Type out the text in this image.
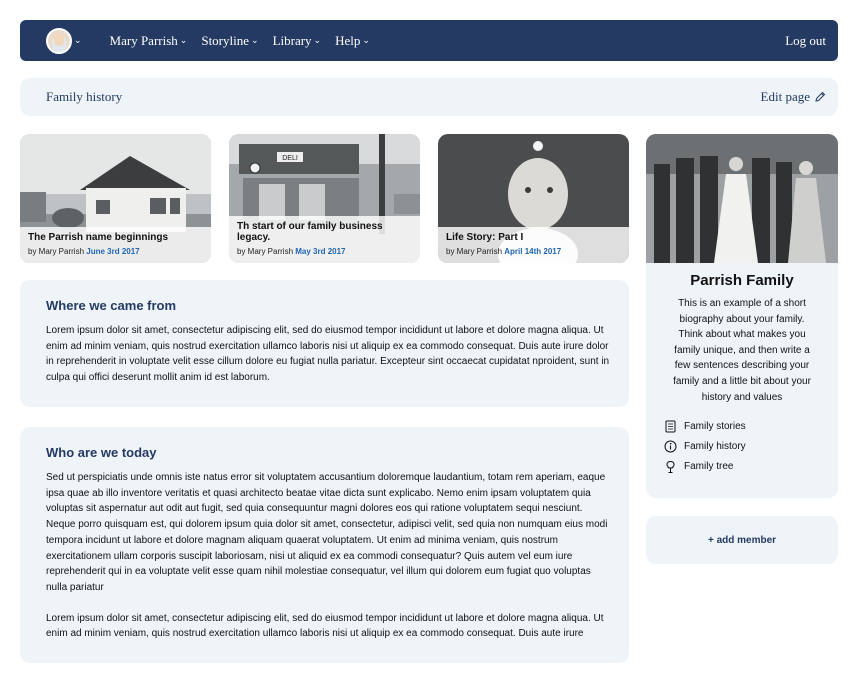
⌄ Mary Parrish ⌄ Storyline ⌄ Library ⌄ Help ⌄	Log out
Family history	Edit page
The Parrish name beginnings
by Mary Parrish June 3rd 2017
DELI
Th start of our family business legacy.
by Mary Parrish May 3rd 2017
Life Story: Part I
by Mary Parrish April 14th 2017
Where we came from

Lorem ipsum dolor sit amet, consectetur adipiscing elit, sed do eiusmod tempor incididunt ut labore et dolore magna aliqua. Ut enim ad minim veniam, quis nostrud exercitation ullamco laboris nisi ut aliquip ex ea commodo consequat. Duis aute irure dolor in reprehenderit in voluptate velit esse cillum dolore eu fugiat nulla pariatur. Excepteur sint occaecat cupidatat nproident, sunt in culpa qui offici deserunt mollit anim id est laborum.

Who are we today

Sed ut perspiciatis unde omnis iste natus error sit voluptatem accusantium doloremque laudantium, totam rem aperiam, eaque ipsa quae ab illo inventore veritatis et quasi architecto beatae vitae dicta sunt explicabo. Nemo enim ipsam voluptatem quia voluptas sit aspernatur aut odit aut fugit, sed quia consequuntur magni dolores eos qui ratione voluptatem sequi nesciunt. Neque porro quisquam est, qui dolorem ipsum quia dolor sit amet, consectetur, adipisci velit, sed quia non numquam eius modi tempora incidunt ut labore et dolore magnam aliquam quaerat voluptatem. Ut enim ad minima veniam, quis nostrum exercitationem ullam corporis suscipit laboriosam, nisi ut aliquid ex ea commodi consequatur? Quis autem vel eum iure reprehenderit qui in ea voluptate velit esse quam nihil molestiae consequatur, vel illum qui dolorem eum fugiat quo voluptas nulla pariatur

Lorem ipsum dolor sit amet, consectetur adipiscing elit, sed do eiusmod tempor incididunt ut labore et dolore magna aliqua. Ut enim ad minim veniam, quis nostrud exercitation ullamco laboris nisi ut aliquip ex ea commodo consequat. Duis aute irure

Parrish Family
This is an example of a short biography about your family. Think about what makes you family unique, and then write a few sentences describing your family and a little bit about your history and values
Family stories
Family history
Family tree
+ add member
